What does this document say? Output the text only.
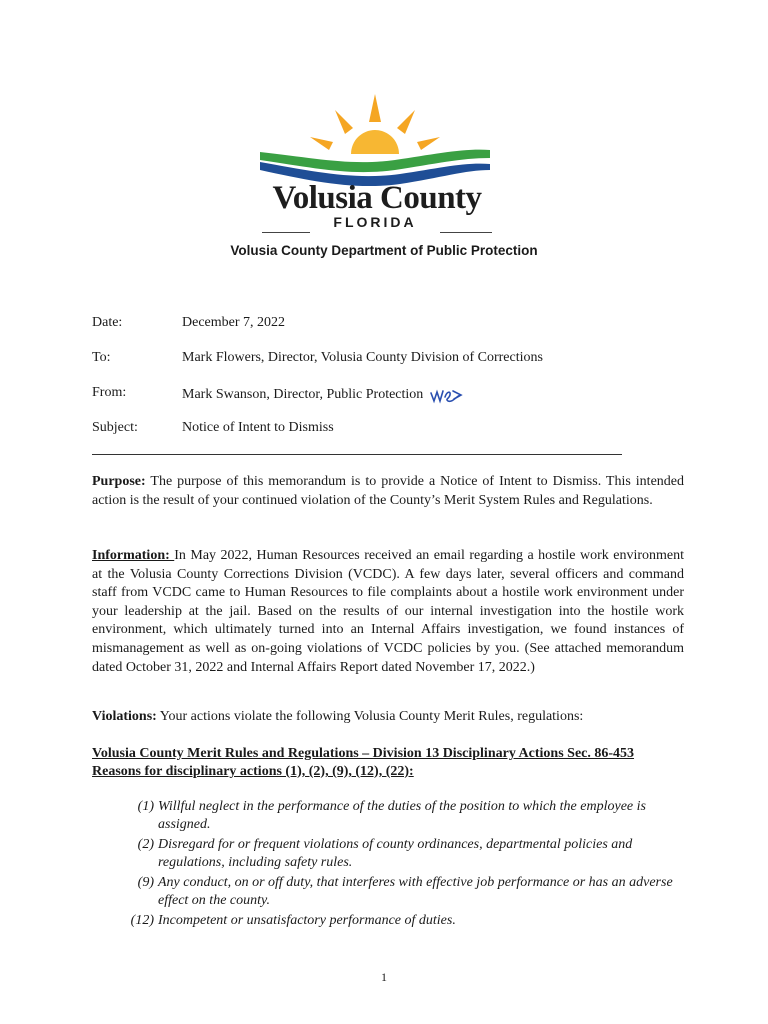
Volusia County
FLORIDA
Volusia County Department of Public Protection
Date:	December 7, 2022
To:	Mark Flowers, Director, Volusia County Division of Corrections
From:	Mark Swanson, Director, Public Protection
Subject:	Notice of Intent to Dismiss
Purpose: The purpose of this memorandum is to provide a Notice of Intent to Dismiss. This intended action is the result of your continued violation of the County’s Merit System Rules and Regulations.
Information: In May 2022, Human Resources received an email regarding a hostile work environment at the Volusia County Corrections Division (VCDC). A few days later, several officers and command staff from VCDC came to Human Resources to file complaints about a hostile work environment under your leadership at the jail. Based on the results of our internal investigation into the hostile work environment, which ultimately turned into an Internal Affairs investigation, we found instances of mismanagement as well as on-going violations of VCDC policies by you. (See attached memorandum dated October 31, 2022 and Internal Affairs Report dated November 17, 2022.)
Violations: Your actions violate the following Volusia County Merit Rules, regulations:
Volusia County Merit Rules and Regulations – Division 13 Disciplinary Actions Sec. 86-453
Reasons for disciplinary actions (1), (2), (9), (12), (22):
(1) Willful neglect in the performance of the duties of the position to which the employee is assigned.
(2) Disregard for or frequent violations of county ordinances, departmental policies and regulations, including safety rules.
(9) Any conduct, on or off duty, that interferes with effective job performance or has an adverse effect on the county.
(12) Incompetent or unsatisfactory performance of duties.
1
